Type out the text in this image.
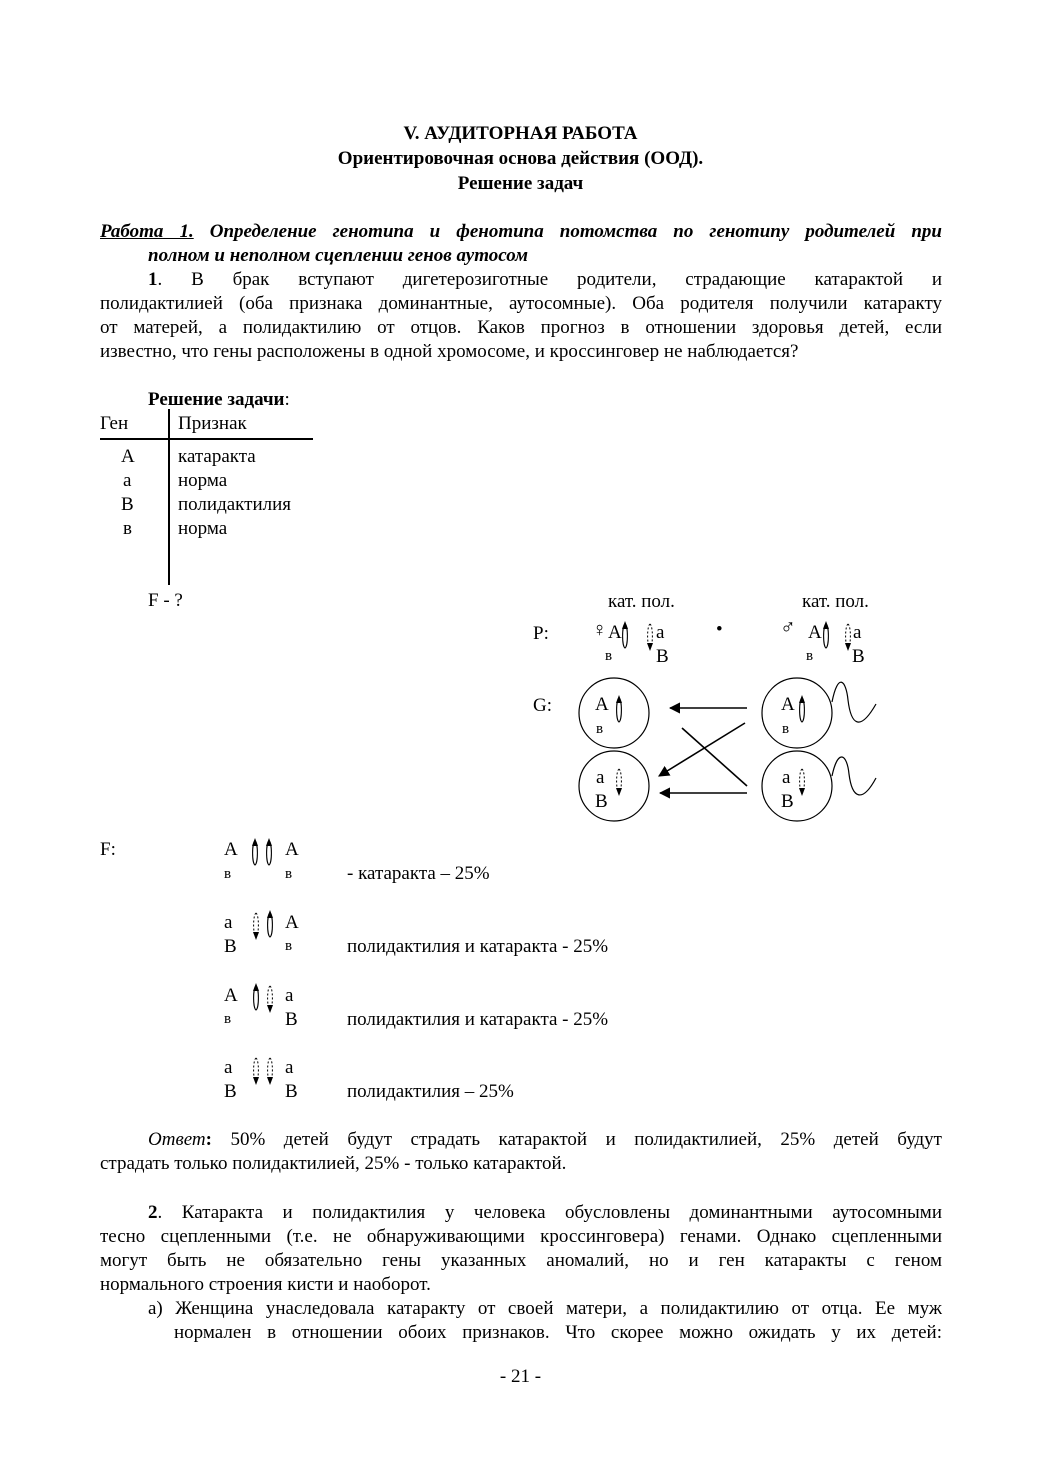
V. АУДИТОРНАЯ РАБОТА
Ориентировочная основа действия (ООД).
Решение задач
Работа 1. Определение генотипа и фенотипа потомства по генотипу родителей при
полном и неполном сцеплении генов аутосом
1. В брак вступают дигетерозиготные родители, страдающие катарактой и
полидактилией (оба признака доминантные, аутосомные). Оба родителя получили катаракту
от матерей, а полидактилию от отцов. Каков прогноз в отношении здоровья детей, если
известно, что гены расположены в одной хромосоме, и кроссинговер не наблюдается?
Решение задачи:
Ген	Признак
А катаракта
а норма
В полидактилия
в норма
F - ?	кат. пол.	кат. пол.
P: ♀ А а
в В
•	♂ А а
в В
G: А
в
а
В
А
в
а
В
F:	А
в
А
в	- катаракта – 25%
а
В
А
в	полидактилия и катаракта - 25%
А
в
а
В	полидактилия и катаракта - 25%
а
В
а
В	полидактилия – 25%
Ответ: 50% детей будут страдать катарактой и полидактилией, 25% детей будут
страдать только полидактилией, 25% - только катарактой.
2. Катаракта и полидактилия у человека обусловлены доминантными аутосомными
тесно сцепленными (т.е. не обнаруживающими кроссинговера) генами. Однако сцепленными
могут быть не обязательно гены указанных аномалий, но и ген катаракты с геном
нормального строения кисти и наоборот.
а) Женщина унаследовала катаракту от своей матери, а полидактилию от отца. Ее муж
нормален в отношении обоих признаков. Что скорее можно ожидать у их детей:
- 21 -
